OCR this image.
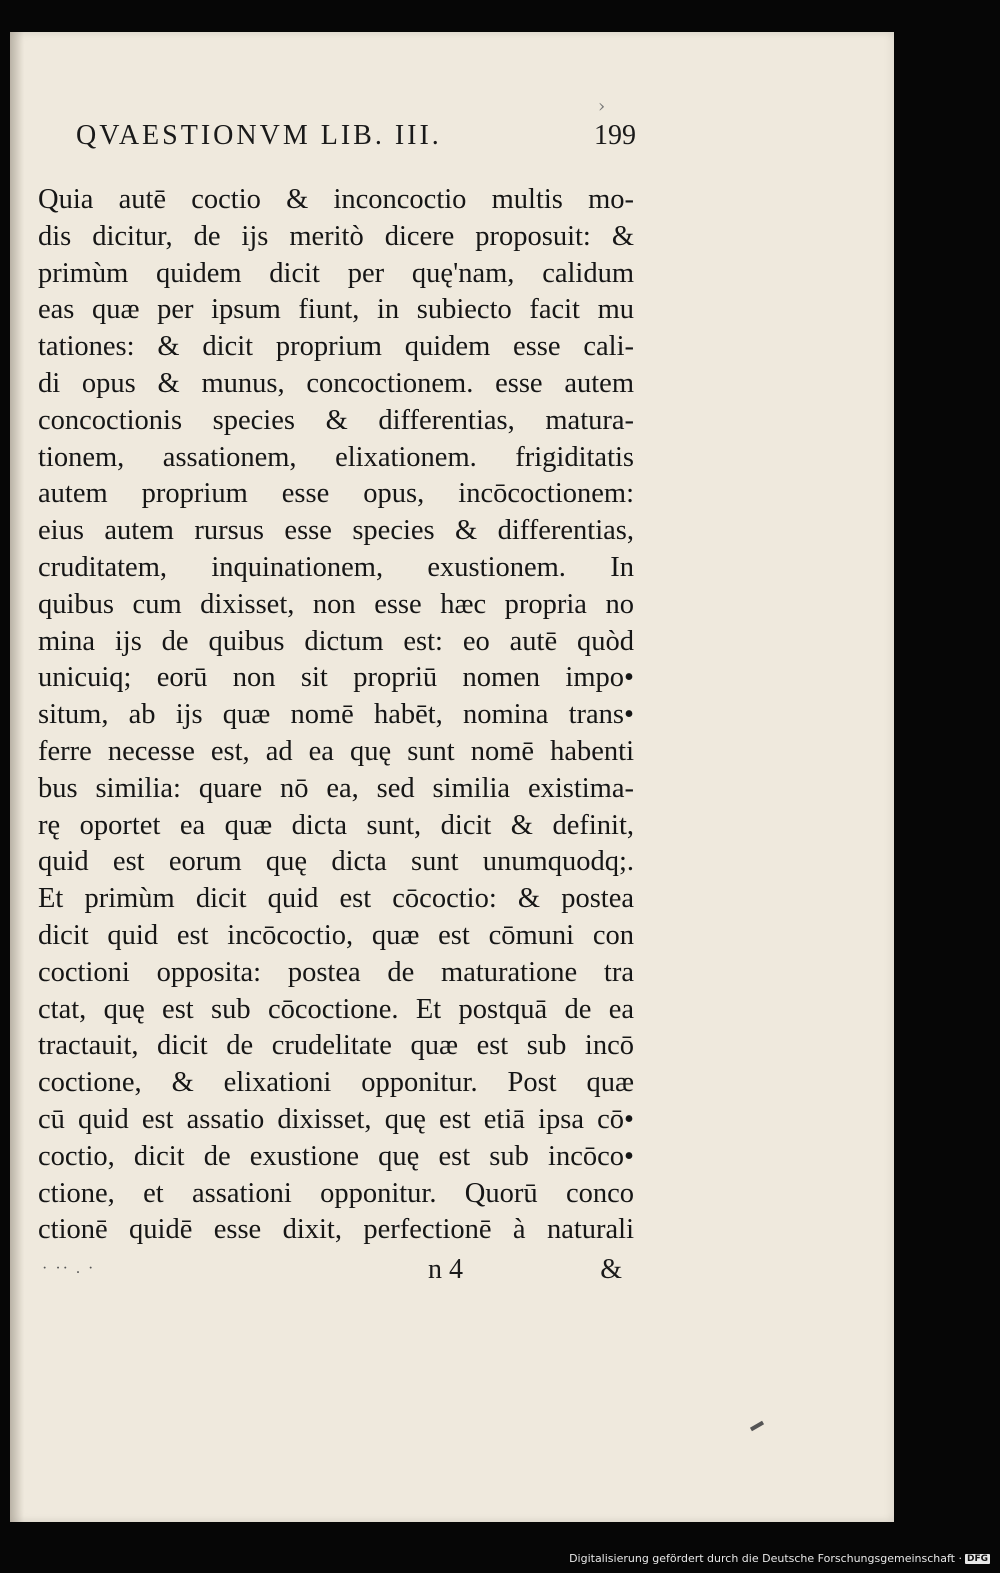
›
QVAESTIONVM LIB. III.	199
Quia autē coctio & inconcoctio multis mo-
dis dicitur, de ijs meritò dicere proposuit: &
primùm quidem dicit per quę'nam, calidum
eas quæ per ipsum fiunt, in subiecto facit mu
tationes: & dicit proprium quidem esse cali-
di opus & munus, concoctionem. esse autem
concoctionis species & differentias, matura-
tionem, assationem, elixationem. frigiditatis
autem proprium esse opus, incōcoctionem:
eius autem rursus esse species & differentias,
cruditatem, inquinationem, exustionem. In
quibus cum dixisset, non esse hæc propria no
mina ijs de quibus dictum est: eo autē quòd
unicuiq; eorū non sit propriū nomen impo•
situm, ab ijs quæ nomē habēt, nomina trans•
ferre necesse est, ad ea quę sunt nomē habenti
bus similia: quare nō ea, sed similia existima-
rę oportet ea quæ dicta sunt, dicit & definit,
quid est eorum quę dicta sunt unumquodq;.
Et primùm dicit quid est cōcoctio: & postea
dicit quid est incōcoctio, quæ est cōmuni con
coctioni opposita: postea de maturatione tra
ctat, quę est sub cōcoctione. Et postquā de ea
tractauit, dicit de crudelitate quæ est sub incō
coctione, & elixationi opponitur. Post quæ
cū quid est assatio dixisset, quę est etiā ipsa cō•
coctio, dicit de exustione quę est sub incōco•
ctione, et assationi opponitur. Quorū conco
ctionē quidē esse dixit, perfectionē à naturali
· ·· . ·	n 4	&
Digitalisierung gefördert durch die Deutsche Forschungsgemeinschaft · DFG
